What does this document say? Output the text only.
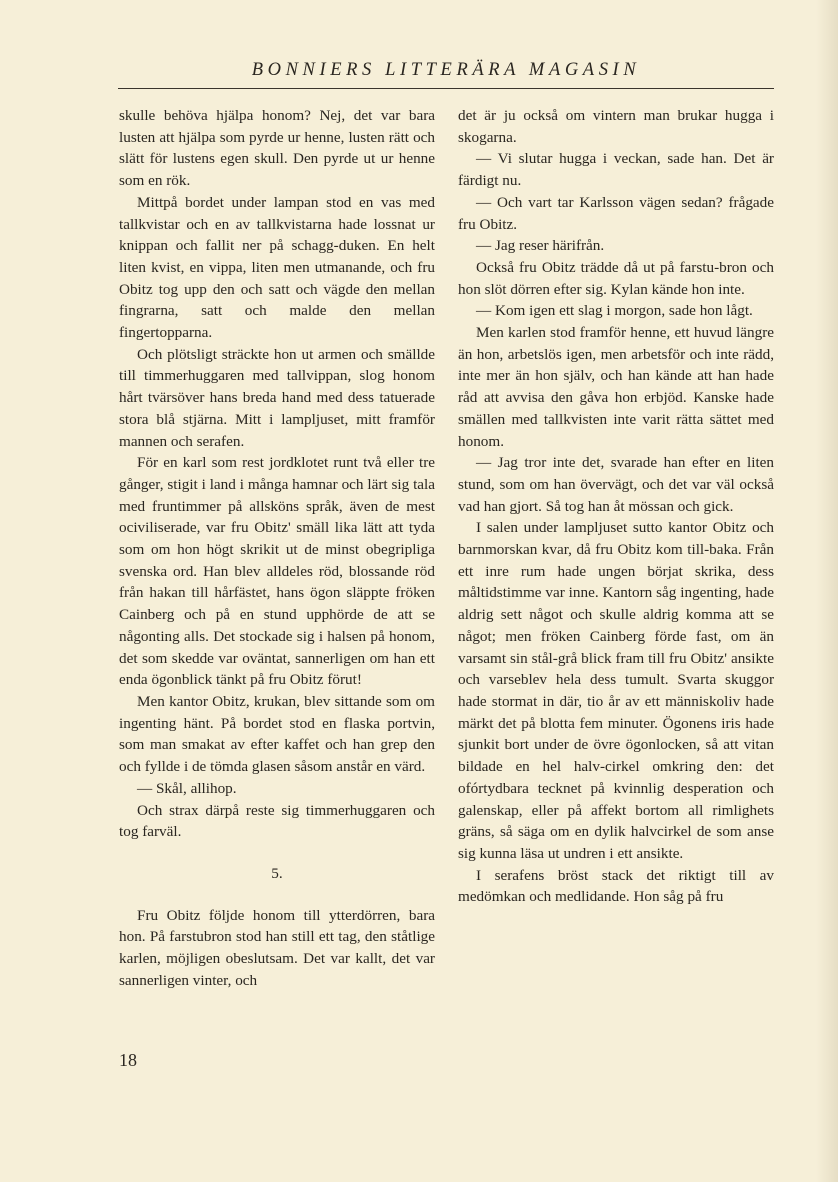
BONNIERS LITTERÄRA MAGASIN

skulle behöva hjälpa honom? Nej, det var bara lusten att hjälpa som pyrde ur henne, lusten rätt och slätt för lustens egen skull. Den pyrde ut ur henne som en rök.

Mittpå bordet under lampan stod en vas med tallkvistar och en av tallkvistarna hade lossnat ur knippan och fallit ner på schagg-duken. En helt liten kvist, en vippa, liten men utmanande, och fru Obitz tog upp den och satt och vägde den mellan fingrarna, satt och malde den mellan fingertopparna.

Och plötsligt sträckte hon ut armen och smällde till timmerhuggaren med tallvippan, slog honom hårt tvärsöver hans breda hand med dess tatuerade stora blå stjärna. Mitt i lampljuset, mitt framför mannen och serafen.

För en karl som rest jordklotet runt två eller tre gånger, stigit i land i många hamnar och lärt sig tala med fruntimmer på allsköns språk, även de mest ociviliserade, var fru Obitz' smäll lika lätt att tyda som om hon högt skrikit ut de minst obegripliga svenska ord. Han blev alldeles röd, blossande röd från hakan till hårfästet, hans ögon släppte fröken Cainberg och på en stund upphörde de att se någonting alls. Det stockade sig i halsen på honom, det som skedde var oväntat, sannerligen om han ett enda ögonblick tänkt på fru Obitz förut!

Men kantor Obitz, krukan, blev sittande som om ingenting hänt. På bordet stod en flaska portvin, som man smakat av efter kaffet och han grep den och fyllde i de tömda glasen såsom anstår en värd.

— Skål, allihop.

Och strax därpå reste sig timmerhuggaren och tog farväl.

5.

Fru Obitz följde honom till ytterdörren, bara hon. På farstubron stod han still ett tag, den ståtlige karlen, möjligen obeslutsam. Det var kallt, det var sannerligen vinter, och

det är ju också om vintern man brukar hugga i skogarna.

— Vi slutar hugga i veckan, sade han. Det är färdigt nu.

— Och vart tar Karlsson vägen sedan? frågade fru Obitz.

— Jag reser härifrån.

Också fru Obitz trädde då ut på farstu-bron och hon slöt dörren efter sig. Kylan kände hon inte.

— Kom igen ett slag i morgon, sade hon lågt.

Men karlen stod framför henne, ett huvud längre än hon, arbetslös igen, men arbetsför och inte rädd, inte mer än hon själv, och han kände att han hade råd att avvisa den gåva hon erbjöd. Kanske hade smällen med tallkvisten inte varit rätta sättet med honom.

— Jag tror inte det, svarade han efter en liten stund, som om han övervägt, och det var väl också vad han gjort. Så tog han åt mössan och gick.

I salen under lampljuset sutto kantor Obitz och barnmorskan kvar, då fru Obitz kom till-baka. Från ett inre rum hade ungen börjat skrika, dess måltidstimme var inne. Kantorn såg ingenting, hade aldrig sett något och skulle aldrig komma att se något; men fröken Cainberg förde fast, om än varsamt sin stål-grå blick fram till fru Obitz' ansikte och varseblev hela dess tumult. Svarta skuggor hade stormat in där, tio år av ett människoliv hade märkt det på blotta fem minuter. Ögonens iris hade sjunkit bort under de övre ögonlocken, så att vitan bildade en hel halv-cirkel omkring den: det ofórtydbara tecknet på kvinnlig desperation och galenskap, eller på affekt bortom all rimlighets gräns, så säga om en dylik halvcirkel de som anse sig kunna läsa ut undren i ett ansikte.

I serafens bröst stack det riktigt till av medömkan och medlidande. Hon såg på fru

18
